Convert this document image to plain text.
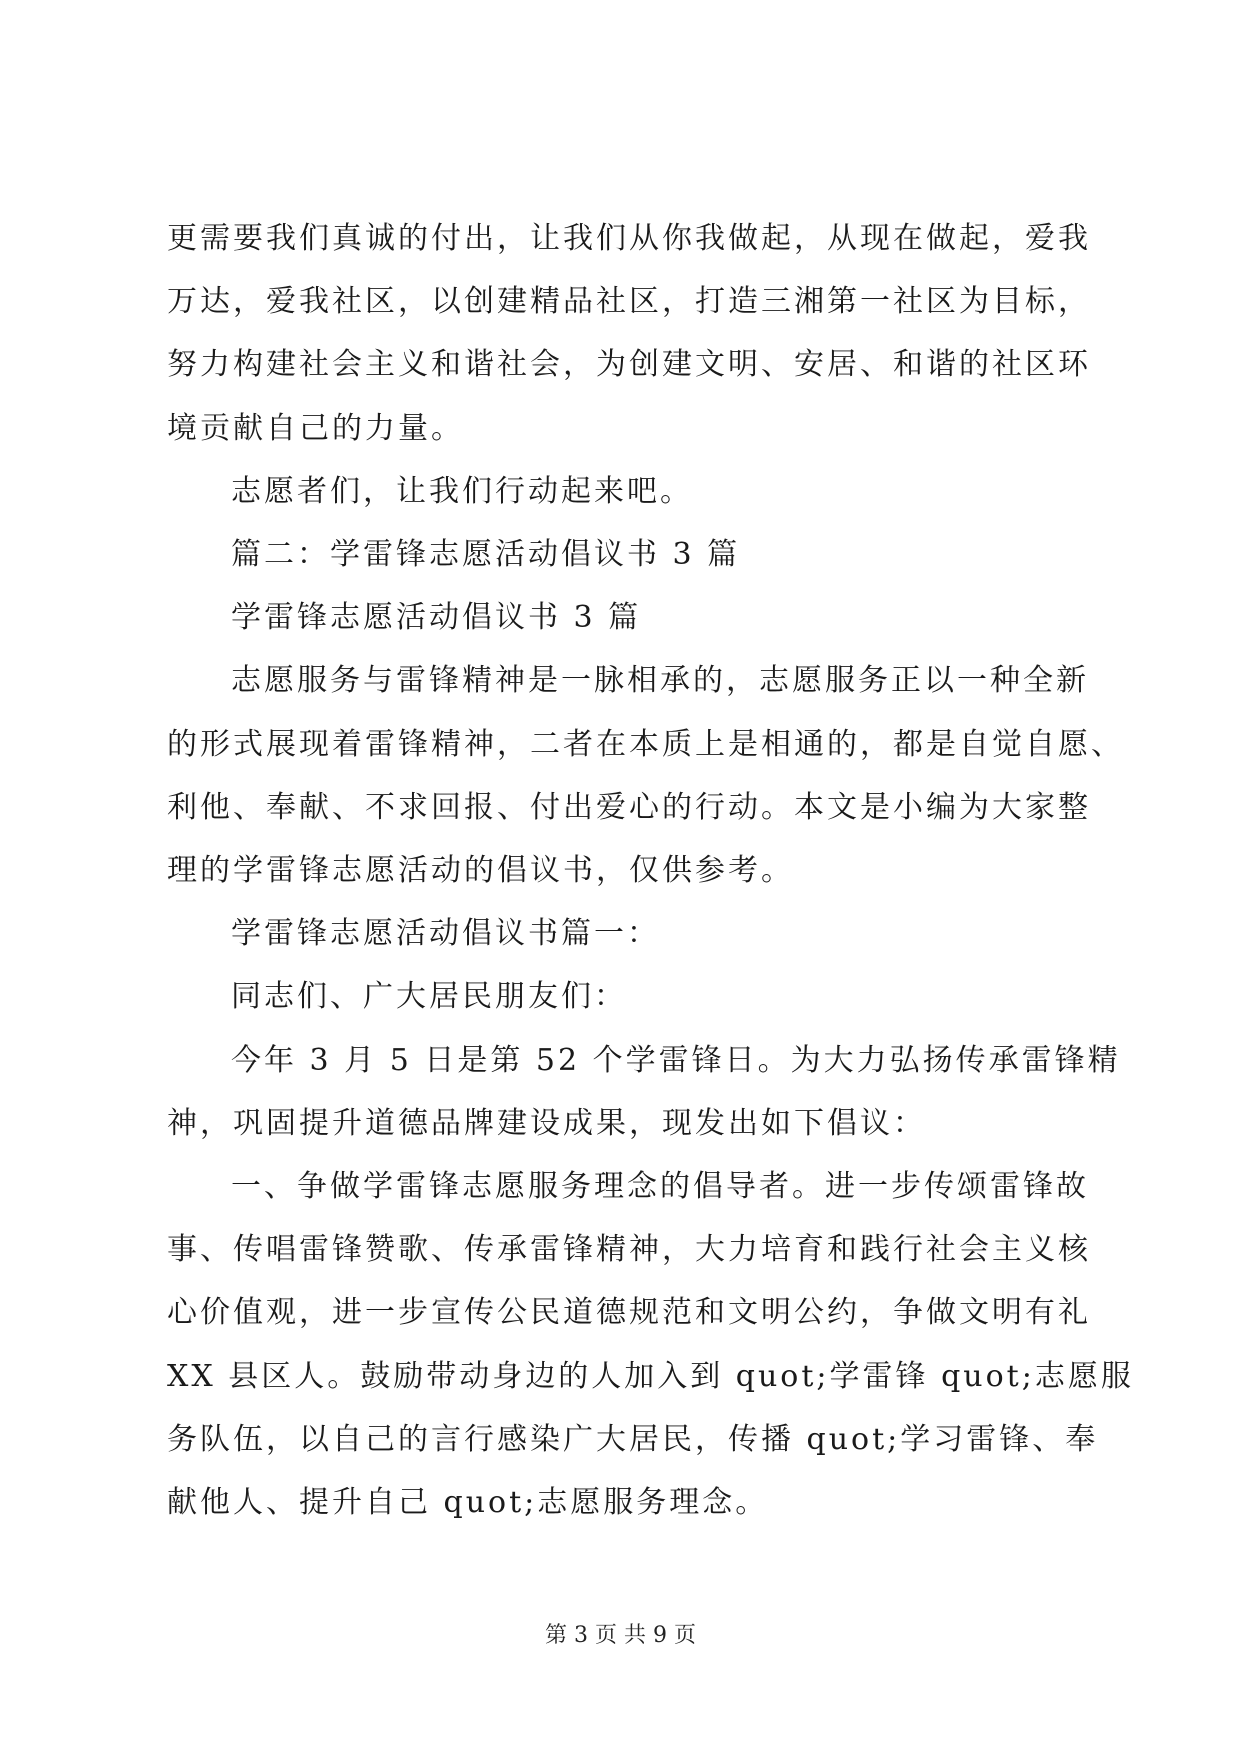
更需要我们真诚的付出，让我们从你我做起，从现在做起，爱我

万达，爱我社区，以创建精品社区，打造三湘第一社区为目标，

努力构建社会主义和谐社会，为创建文明、安居、和谐的社区环

境贡献自己的力量。

志愿者们，让我们行动起来吧。

篇二：学雷锋志愿活动倡议书 3 篇

学雷锋志愿活动倡议书 3 篇

志愿服务与雷锋精神是一脉相承的，志愿服务正以一种全新

的形式展现着雷锋精神，二者在本质上是相通的，都是自觉自愿、

利他、奉献、不求回报、付出爱心的行动。本文是小编为大家整

理的学雷锋志愿活动的倡议书，仅供参考。

学雷锋志愿活动倡议书篇一：

同志们、广大居民朋友们：

今年 3 月 5 日是第 52 个学雷锋日。为大力弘扬传承雷锋精

神，巩固提升道德品牌建设成果，现发出如下倡议：

一、争做学雷锋志愿服务理念的倡导者。进一步传颂雷锋故

事、传唱雷锋赞歌、传承雷锋精神，大力培育和践行社会主义核

心价值观，进一步宣传公民道德规范和文明公约，争做文明有礼

XX 县区人。鼓励带动身边的人加入到 quot;学雷锋 quot;志愿服

务队伍，以自己的言行感染广大居民，传播 quot;学习雷锋、奉

献他人、提升自己 quot;志愿服务理念。

第 3 页 共 9 页
